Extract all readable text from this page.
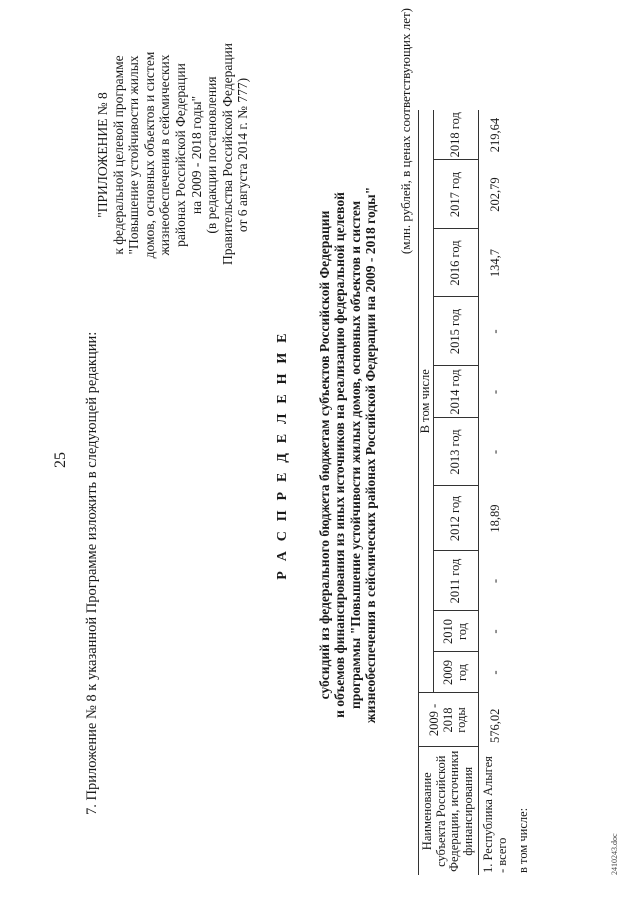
25 7. Приложение № 8 к указанной Программе изложить в следующей редакции:
"ПРИЛОЖЕНИЕ № 8 к федеральной целевой программе "Повышение устойчивости жилых домов, основных объектов и систем жизнеобеспечения в сейсмических районах Российской Федерации на 2009 - 2018 годы" (в редакции постановления Правительства Российской Федерации от 6 августа 2014 г. № 777)
Р А С П Р Е Д Е Л Е Н И Е субсидий из федерального бюджета бюджетам субъектов Российской Федерации и объемов финансирования из иных источников на реализацию федеральной целевой программы "Повышение устойчивости жилых домов, основных объектов и систем жизнеобеспечения в сейсмических районах Российской Федерации на 2009 - 2018 годы"
(млн. рублей, в ценах соответствующих лет)
Наименование субъекта Российской Федерации, источники финансирования	2009 - 2018 годы	В том числе									
		2009 год	2010 год	2011 год	2012 год	2013 год	2014 год	2015 год	2016 год	2017 год	2018 год
1. Республика Алыгея - всего	576,02	-	-	-	18,89	-	-	-	134,7	202,79	219,64
в том числе:												2410243.doc
